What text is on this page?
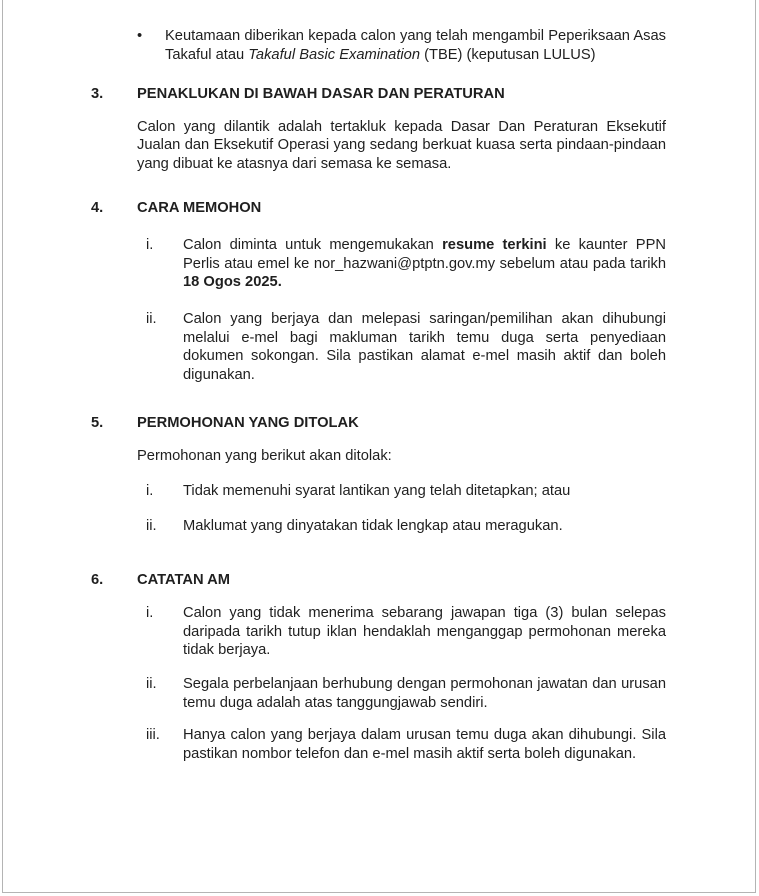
•	Keutamaan diberikan kepada calon yang telah mengambil Peperiksaan Asas Takaful atau Takaful Basic Examination (TBE) (keputusan LULUS)

3.	PENAKLUKAN DI BAWAH DASAR DAN PERATURAN

Calon yang dilantik adalah tertakluk kepada Dasar Dan Peraturan Eksekutif Jualan dan Eksekutif Operasi yang sedang berkuat kuasa serta pindaan-pindaan yang dibuat ke atasnya dari semasa ke semasa.

4.	CARA MEMOHON
i.	Calon diminta untuk mengemukakan resume terkini ke kaunter PPN Perlis atau emel ke nor_hazwani@ptptn.gov.my sebelum atau pada tarikh 18 Ogos 2025.

ii.	Calon yang berjaya dan melepasi saringan/pemilihan akan dihubungi melalui e-mel bagi makluman tarikh temu duga serta penyediaan dokumen sokongan. Sila pastikan alamat e-mel masih aktif dan boleh digunakan.

5.	PERMOHONAN YANG DITOLAK

Permohonan yang berikut akan ditolak:

i.	Tidak memenuhi syarat lantikan yang telah ditetapkan; atau

ii.	Maklumat yang dinyatakan tidak lengkap atau meragukan.

6.	CATATAN AM
i.	Calon yang tidak menerima sebarang jawapan tiga (3) bulan selepas daripada tarikh tutup iklan hendaklah menganggap permohonan mereka tidak berjaya.

ii.	Segala perbelanjaan berhubung dengan permohonan jawatan dan urusan temu duga adalah atas tanggungjawab sendiri.

iii.	Hanya calon yang berjaya dalam urusan temu duga akan dihubungi. Sila pastikan nombor telefon dan e-mel masih aktif serta boleh digunakan.
